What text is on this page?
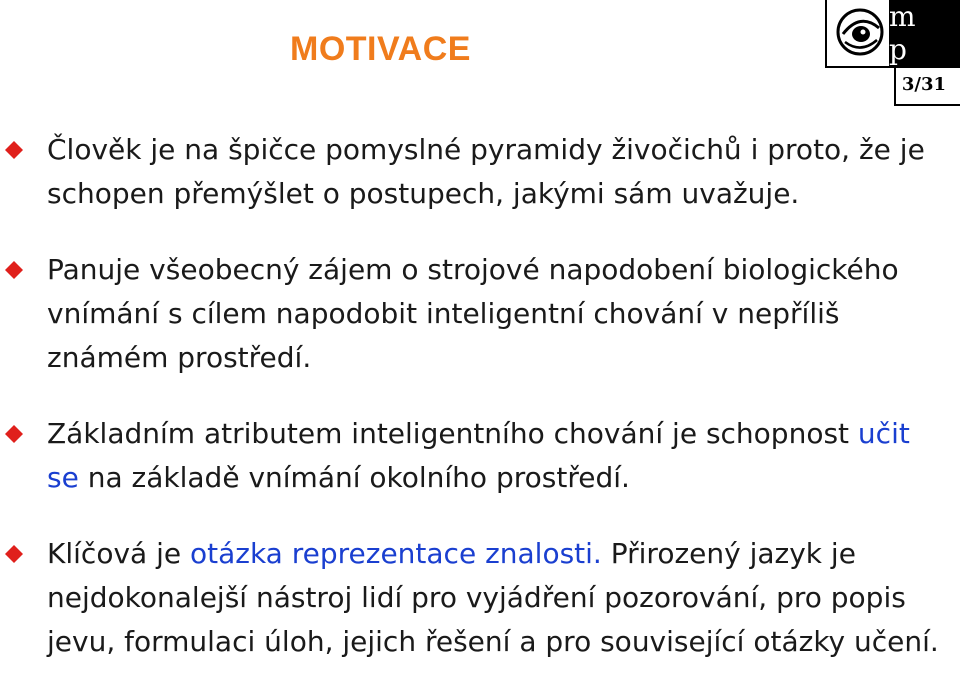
MOTIVACE
m p
3/31
Člověk je na špičce pomyslné pyramidy živočichů i proto, že je schopen přemýšlet o postupech, jakými sám uvažuje.
Panuje všeobecný zájem o strojové napodobení biologického vnímání s cílem napodobit inteligentní chování v nepříliš známém prostředí.
Základním atributem inteligentního chování je schopnost učit se na základě vnímání okolního prostředí.
Klíčová je otázka reprezentace znalosti. Přirozený jazyk je nejdokonalejší nástroj lidí pro vyjádření pozorování, pro popis jevu, formulaci úloh, jejich řešení a pro související otázky učení.
